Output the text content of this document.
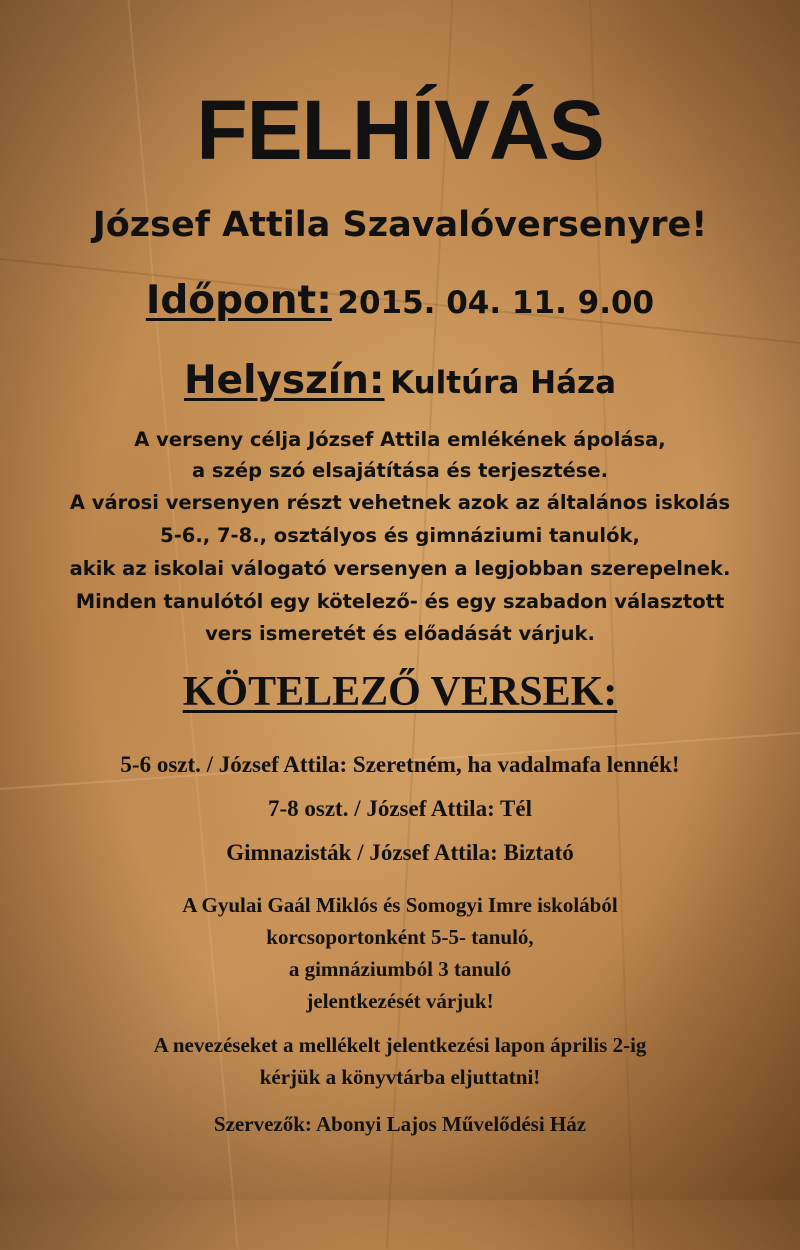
FELHÍVÁS
József Attila Szavalóversenyre!
Időpont: 2015. 04. 11. 9.00
Helyszín: Kultúra Háza
A verseny célja József Attila emlékének ápolása,
a szép szó elsajátítása és terjesztése.
A városi versenyen részt vehetnek azok az általános iskolás
5-6., 7-8., osztályos és gimnáziumi tanulók,
akik az iskolai válogató versenyen a legjobban szerepelnek.
Minden tanulótól egy kötelező- és egy szabadon választott
vers ismeretét és előadását várjuk.
KÖTELEZŐ VERSEK:
5-6 oszt. / József Attila: Szeretném, ha vadalmafa lennék!
7-8 oszt. / József Attila: Tél
Gimnazisták / József Attila: Biztató
A Gyulai Gaál Miklós és Somogyi Imre iskolából
korcsoportonként 5-5- tanuló,
a gimnáziumból 3 tanuló
jelentkezését várjuk!
A nevezéseket a mellékelt jelentkezési lapon április 2-ig
kérjük a könyvtárba eljuttatni!
Szervezők: Abonyi Lajos Művelődési Ház
